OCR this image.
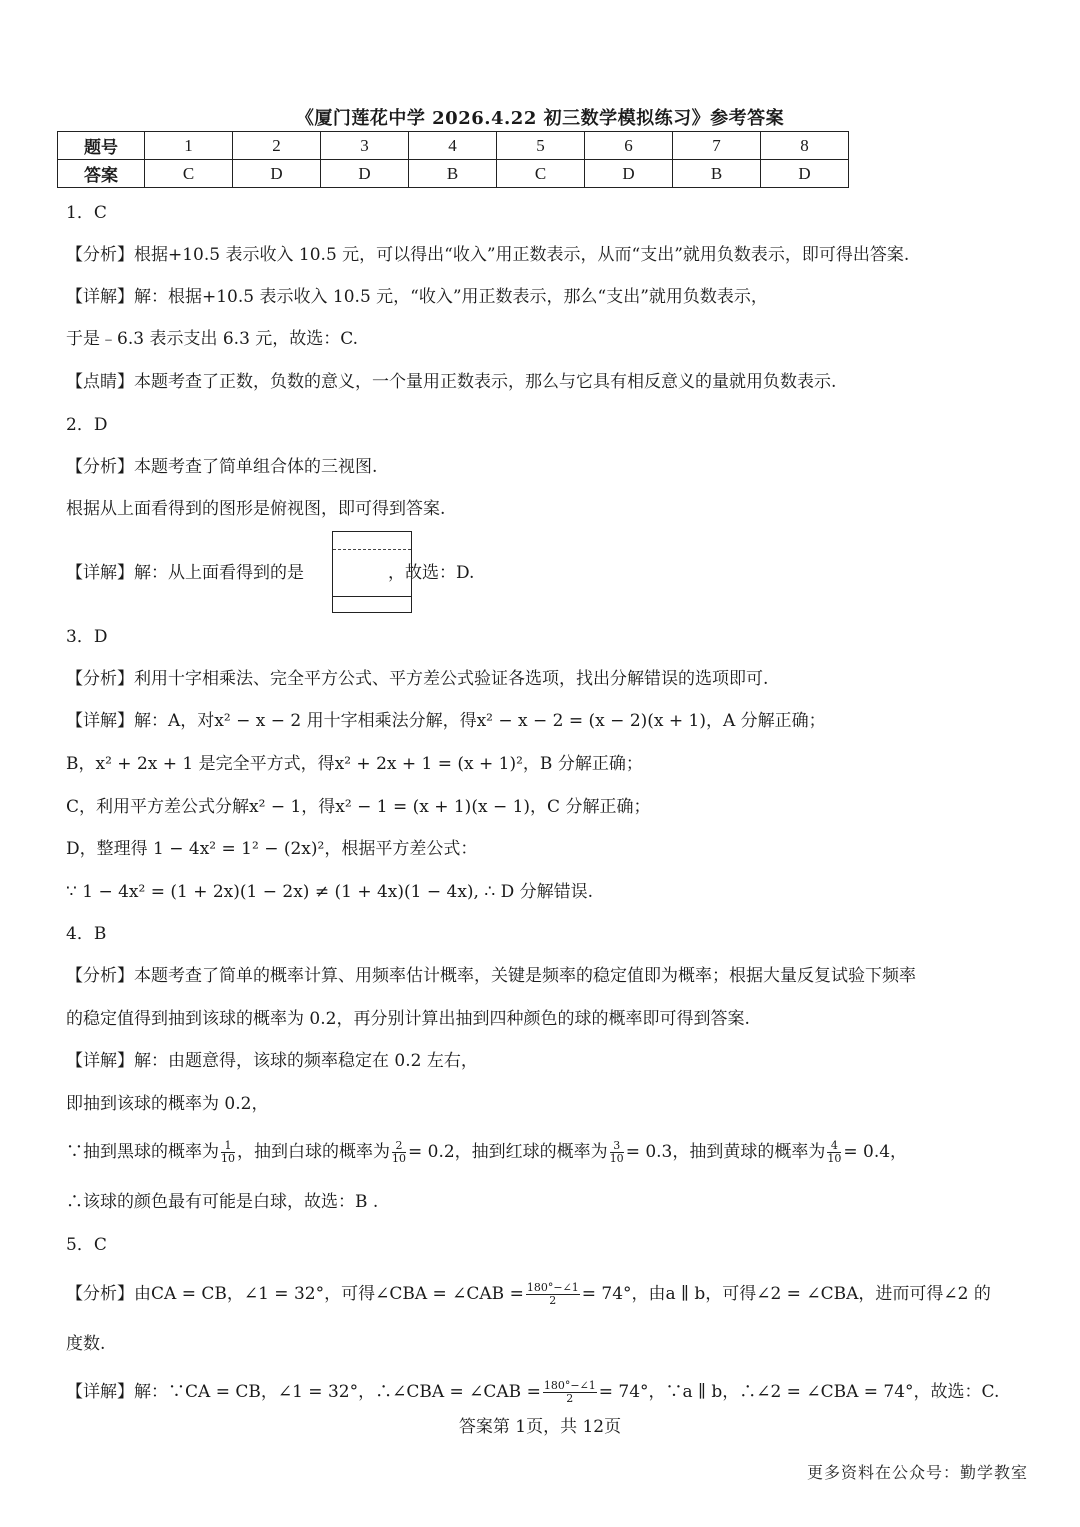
《厦门莲花中学 2026.4.22 初三数学模拟练习》参考答案
题号	1	2	3	4	5	6	7	8
答案	C	D	D	B	C	D	B	D
1．C
【分析】根据+10.5 表示收入 10.5 元，可以得出“收入”用正数表示，从而“支出”就用负数表示，即可得出答案.
【详解】解：根据+10.5 表示收入 10.5 元，“收入”用正数表示，那么“支出”就用负数表示，
于是﹣6.3 表示支出 6.3 元，故选：C.
【点睛】本题考查了正数，负数的意义，一个量用正数表示，那么与它具有相反意义的量就用负数表示.
2．D
【分析】本题考查了简单组合体的三视图.
根据从上面看得到的图形是俯视图，即可得到答案.
【详解】解：从上面看得到的是	，故选：D.
3．D
【分析】利用十字相乘法、完全平方公式、平方差公式验证各选项，找出分解错误的选项即可.
【详解】解：A，对x² − x − 2 用十字相乘法分解，得x² − x − 2 = (x − 2)(x + 1)，A 分解正确；
B，x² + 2x + 1 是完全平方式，得x² + 2x + 1 = (x + 1)²，B 分解正确；
C，利用平方差公式分解x² − 1，得x² − 1 = (x + 1)(x − 1)，C 分解正确；
D，整理得 1 − 4x² = 1² − (2x)²，根据平方差公式：
∵ 1 − 4x² = (1 + 2x)(1 − 2x) ≠ (1 + 4x)(1 − 4x), ∴ D 分解错误.
4．B
【分析】本题考查了简单的概率计算、用频率估计概率，关键是频率的稳定值即为概率；根据大量反复试验下频率
的稳定值得到抽到该球的概率为 0.2，再分别计算出抽到四种颜色的球的概率即可得到答案.
【详解】解：由题意得，该球的频率稳定在 0.2 左右，
即抽到该球的概率为 0.2，
∵抽到黑球的概率为 $\frac{1}{10}$ ，抽到白球的概率为 $\frac{2}{10} = 0.2$，抽到红球的概率为 $\frac{3}{10} = 0.3$，抽到黄球的概率为 $\frac{4}{10} = 0.4$，
∴该球的颜色最有可能是白球，故选：B .
5．C
【分析】由CA = CB，∠1 = 32°，可得∠CBA = ∠CAB = $\frac{180^\circ-\angle 1}{2} = 74^\circ$，由a ∥ b，可得∠2 = ∠CBA，进而可得∠2 的
度数.
【详解】解：∵CA = CB，∠1 = 32°，∴∠CBA = ∠CAB = $\frac{180^\circ-\angle 1}{2} = 74^\circ$，∵a ∥ b，∴∠2 = ∠CBA = 74°，故选：C.
答案第 1页，共 12页
更多资料在公众号：勤学教室
